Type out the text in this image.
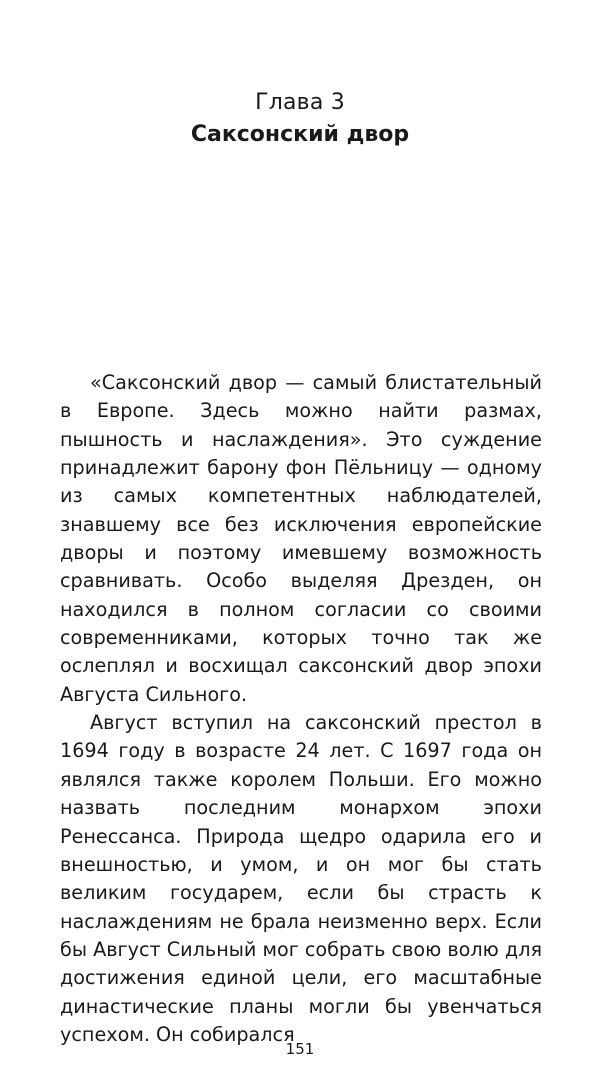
Глава 3
Саксонский двор

«Саксонский двор — самый блистательный в Европе. Здесь можно найти размах, пышность и наслаждения». Это суждение принадлежит барону фон Пёльницу — одному из самых компетентных наблюдателей, знавшему все без исключения европейские дворы и поэтому имевшему возможность сравнивать. Особо выделяя Дрезден, он находился в полном согласии со своими современниками, которых точно так же ослеплял и восхищал саксонский двор эпохи Августа Сильного.

Август вступил на саксонский престол в 1694 году в возрасте 24 лет. С 1697 года он являлся также королем Польши. Его можно назвать последним монархом эпохи Ренессанса. Природа щедро одарила его и внешностью, и умом, и он мог бы стать великим государем, если бы страсть к наслаждениям не брала неизменно верх. Если бы Август Сильный мог собрать свою волю для достижения единой цели, его масштабные династические планы могли бы увенчаться успехом. Он собирался

151
